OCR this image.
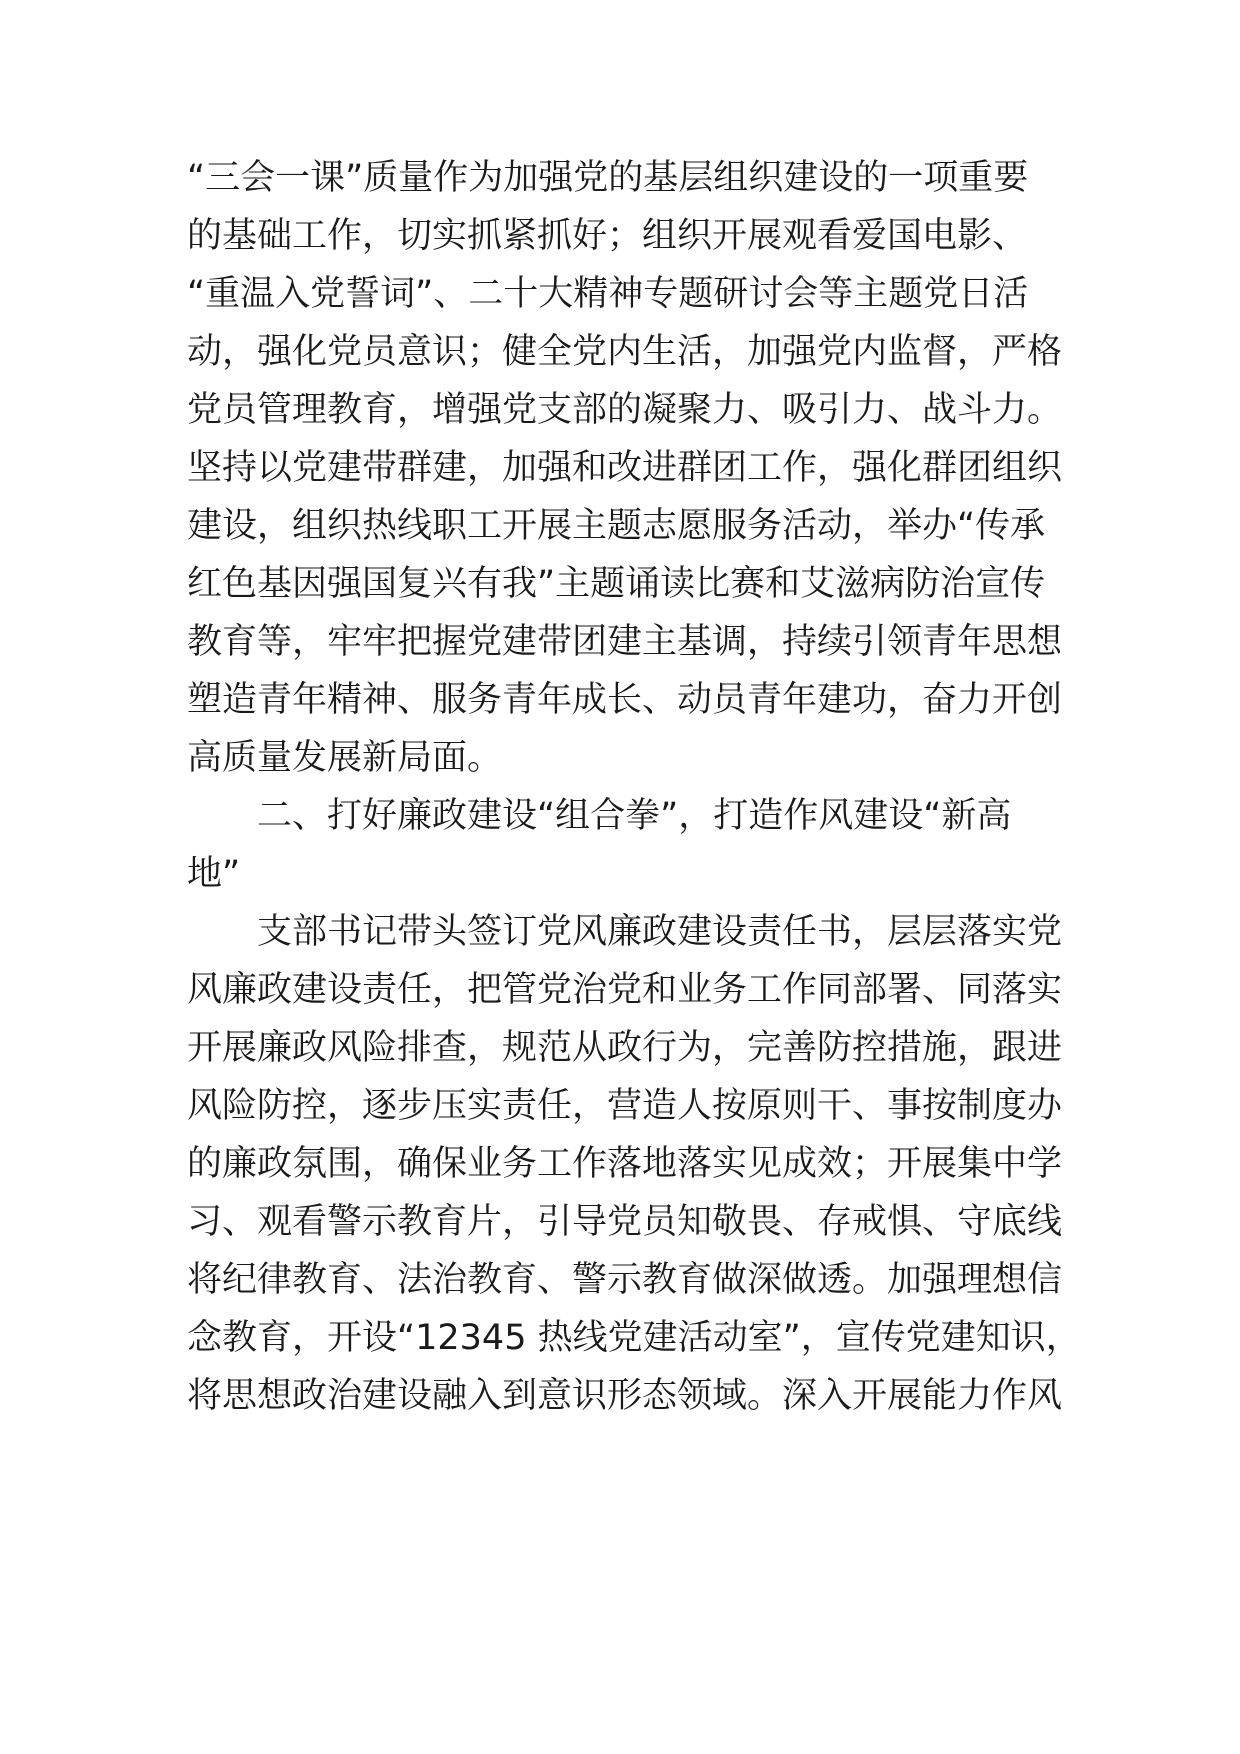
“三会一课”质量作为加强党的基层组织建设的一项重要
的基础工作，切实抓紧抓好；组织开展观看爱国电影、
“重温入党誓词”、二十大精神专题研讨会等主题党日活
动，强化党员意识；健全党内生活，加强党内监督，严格
党员管理教育，增强党支部的凝聚力、吸引力、战斗力。
坚持以党建带群建，加强和改进群团工作，强化群团组织
建设，组织热线职工开展主题志愿服务活动，举办“传承
红色基因强国复兴有我”主题诵读比赛和艾滋病防治宣传
教育等，牢牢把握党建带团建主基调，持续引领青年思想
塑造青年精神、服务青年成长、动员青年建功，奋力开创
高质量发展新局面。
二、打好廉政建设“组合拳”，打造作风建设“新高
地”
支部书记带头签订党风廉政建设责任书，层层落实党
风廉政建设责任，把管党治党和业务工作同部署、同落实
开展廉政风险排查，规范从政行为，完善防控措施，跟进
风险防控，逐步压实责任，营造人按原则干、事按制度办
的廉政氛围，确保业务工作落地落实见成效；开展集中学
习、观看警示教育片，引导党员知敬畏、存戒惧、守底线
将纪律教育、法治教育、警示教育做深做透。加强理想信
念教育，开设“12345 热线党建活动室”，宣传党建知识，
将思想政治建设融入到意识形态领域。深入开展能力作风
